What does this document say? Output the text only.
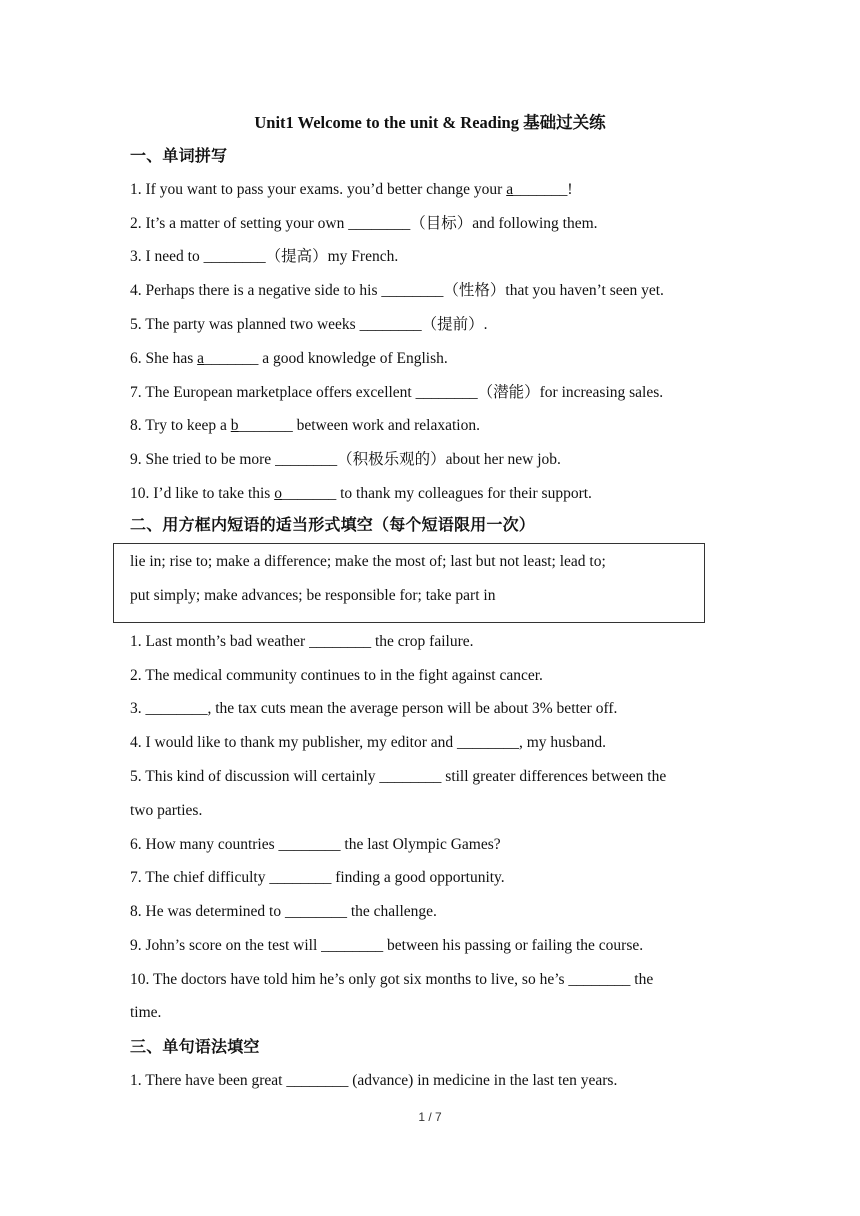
Unit1 Welcome to the unit & Reading 基础过关练
一、单词拼写
1. If you want to pass your exams. you’d better change your a_______!
2. It’s a matter of setting your own ________（目标）and following them.
3. I need to ________（提高）my French.
4. Perhaps there is a negative side to his ________（性格）that you haven’t seen yet.
5. The party was planned two weeks ________（提前）.
6. She has a_______ a good knowledge of English.
7. The European marketplace offers excellent ________（潜能）for increasing sales.
8. Try to keep a b_______ between work and relaxation.
9. She tried to be more ________（积极乐观的）about her new job.
10. I’d like to take this o_______ to thank my colleagues for their support.
二、用方框内短语的适当形式填空（每个短语限用一次）
lie in; rise to; make a difference; make the most of; last but not least; lead to;
put simply; make advances; be responsible for; take part in
1. Last month’s bad weather ________ the crop failure.
2. The medical community continues to in the fight against cancer.
3. ________, the tax cuts mean the average person will be about 3% better off.
4. I would like to thank my publisher, my editor and ________, my husband.
5. This kind of discussion will certainly ________ still greater differences between the
two parties.
6. How many countries ________ the last Olympic Games?
7. The chief difficulty ________ finding a good opportunity.
8. He was determined to ________ the challenge.
9. John’s score on the test will ________ between his passing or failing the course.
10. The doctors have told him he’s only got six months to live, so he’s ________ the
time.
三、单句语法填空
1. There have been great ________ (advance) in medicine in the last ten years.
1 / 7
